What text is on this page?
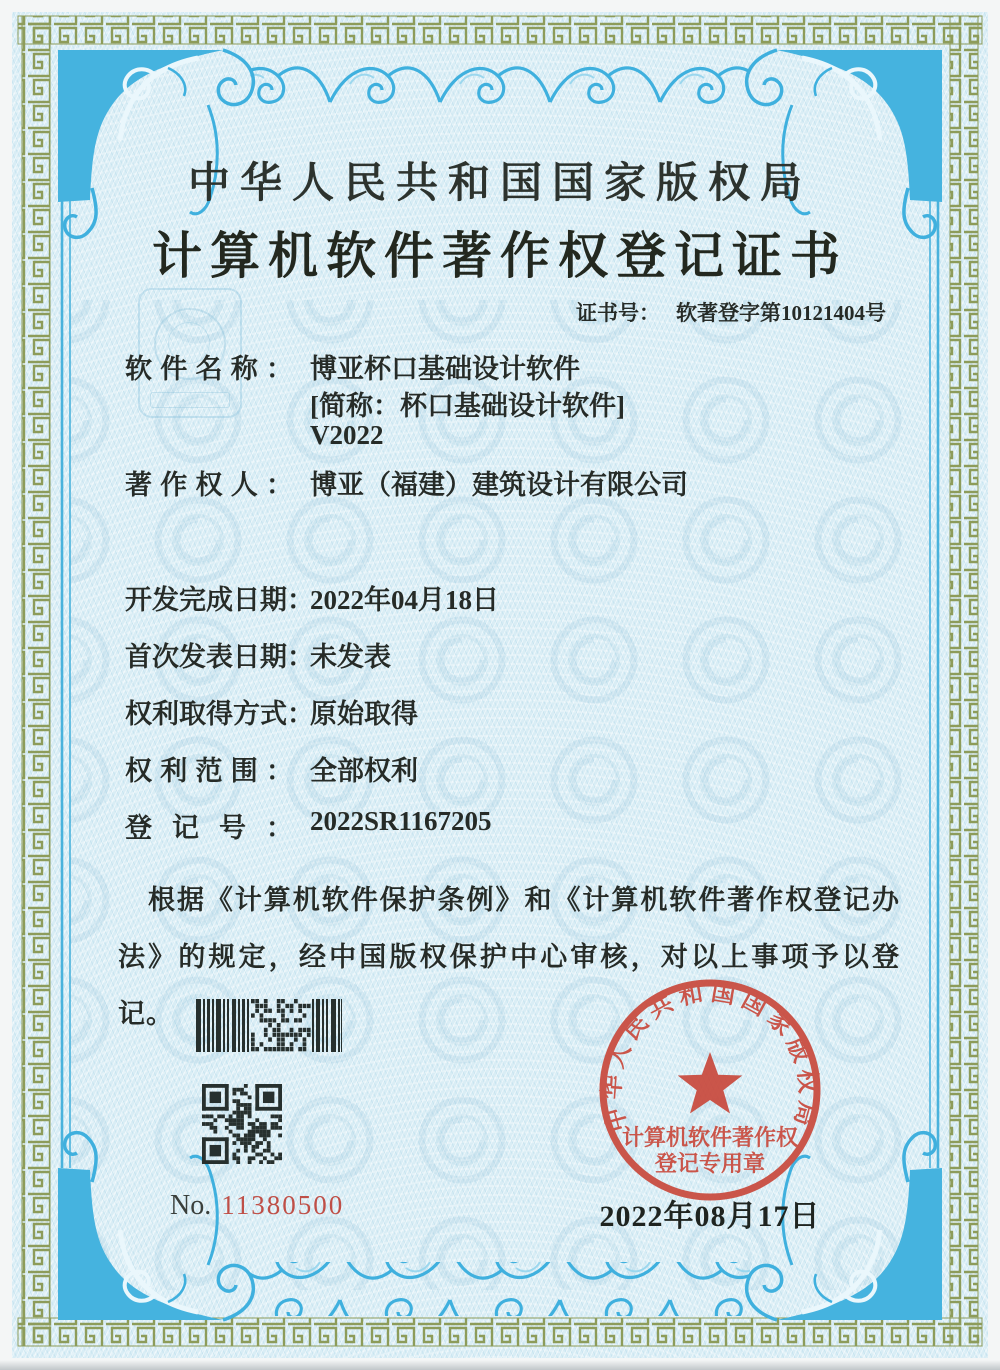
中华人民共和国国家版权局
计算机软件著作权登记证书
证书号： 软著登字第10121404号
软件名称： 博亚杯口基础设计软件
[简称：杯口基础设计软件]
V2022
著作权人： 博亚（福建）建筑设计有限公司
开发完成日期：
2022年04月18日
首次发表日期：
未发表
权利取得方式：
原始取得
权利范围： 全部权利
登记号： 2022SR1167205
根据《计算机软件保护条例》和《计算机软件著作权登记办法》的规定，经中国版权保护中心审核，对以上事项予以登记。
No. 11380500
中华人民共和国国家版权局
计算机软件著作权
登记专用章
2022年08月17日
